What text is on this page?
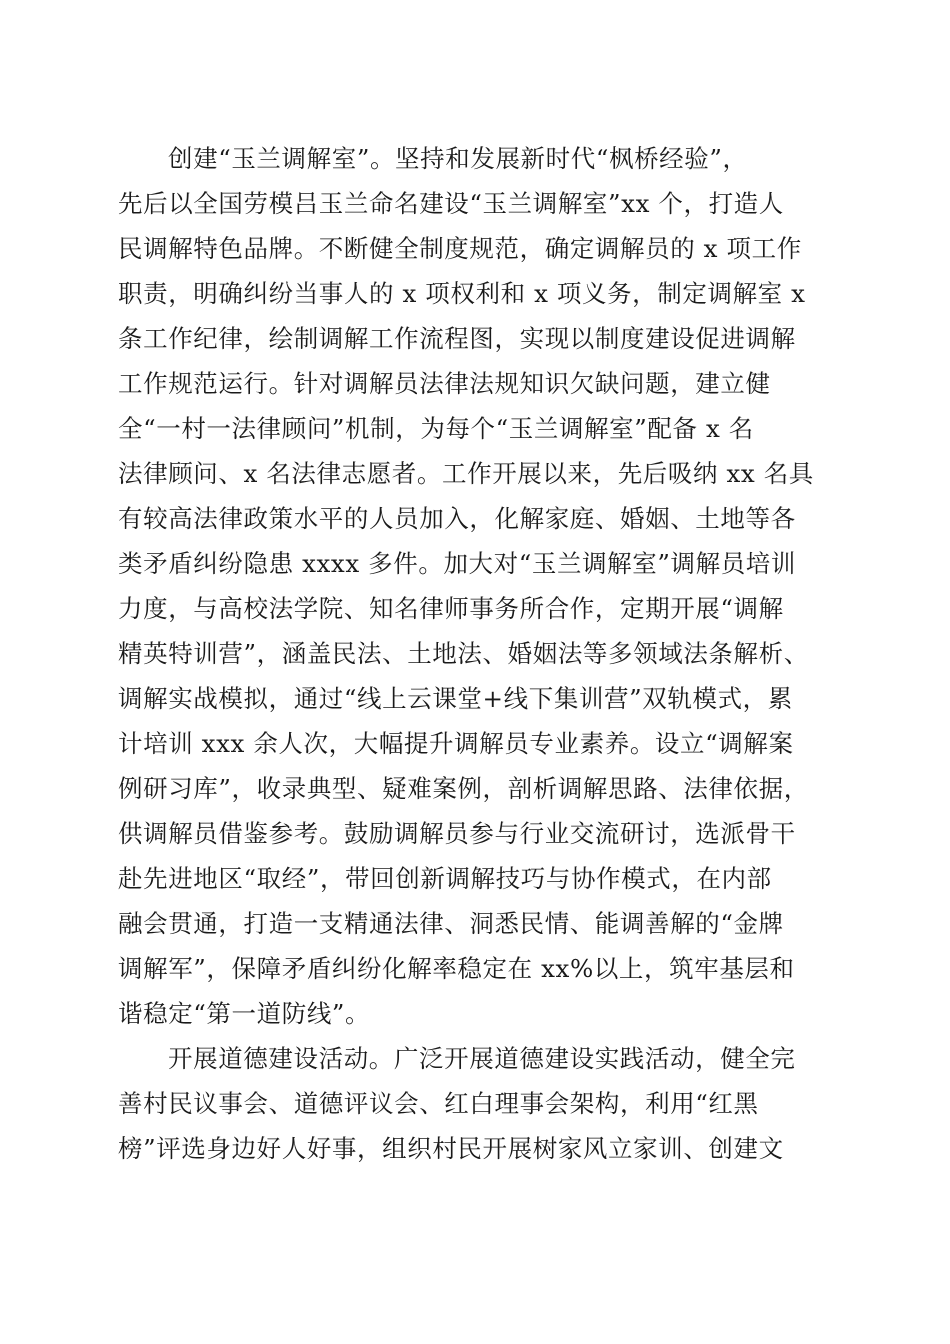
创建“玉兰调解室”。坚持和发展新时代“枫桥经验”，
先后以全国劳模吕玉兰命名建设“玉兰调解室”xx 个，打造人
民调解特色品牌。不断健全制度规范，确定调解员的 x 项工作
职责，明确纠纷当事人的 x 项权利和 x 项义务，制定调解室 x
条工作纪律，绘制调解工作流程图，实现以制度建设促进调解
工作规范运行。针对调解员法律法规知识欠缺问题，建立健
全“一村一法律顾问”机制，为每个“玉兰调解室”配备 x 名
法律顾问、x 名法律志愿者。工作开展以来，先后吸纳 xx 名具
有较高法律政策水平的人员加入，化解家庭、婚姻、土地等各
类矛盾纠纷隐患 xxxx 多件。加大对“玉兰调解室”调解员培训
力度，与高校法学院、知名律师事务所合作，定期开展“调解
精英特训营”，涵盖民法、土地法、婚姻法等多领域法条解析、
调解实战模拟，通过“线上云课堂+线下集训营”双轨模式，累
计培训 xxx 余人次，大幅提升调解员专业素养。设立“调解案
例研习库”，收录典型、疑难案例，剖析调解思路、法律依据，
供调解员借鉴参考。鼓励调解员参与行业交流研讨，选派骨干
赴先进地区“取经”，带回创新调解技巧与协作模式，在内部
融会贯通，打造一支精通法律、洞悉民情、能调善解的“金牌
调解军”，保障矛盾纠纷化解率稳定在 xx%以上，筑牢基层和
谐稳定“第一道防线”。
开展道德建设活动。广泛开展道德建设实践活动，健全完
善村民议事会、道德评议会、红白理事会架构，利用“红黑
榜”评选身边好人好事，组织村民开展树家风立家训、创建文
